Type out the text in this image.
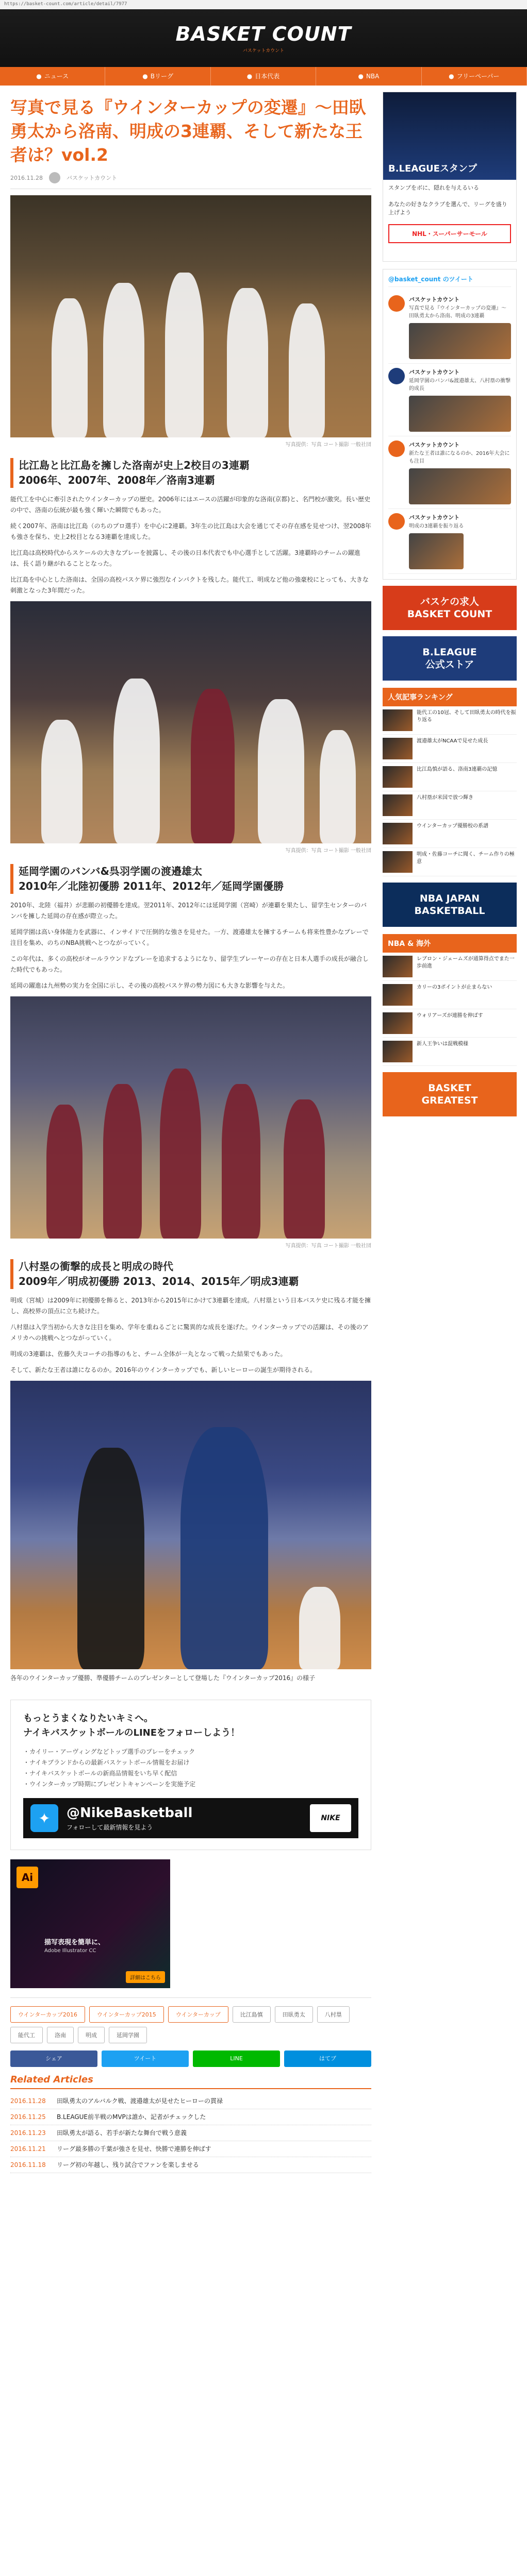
https://basket-count.com/article/detail/7977
BASKET COUNT
バスケットカウント
● ニュース	● Bリーグ	● 日本代表	● NBA	● フリーペーパー
写真で見る『ウインターカップの変遷』～田臥勇太から洛南、明成の3連覇、そして新たな王者は？vol.2
2016.11.28	バスケットカウント
写真提供：写真 コート撮影 一般社団
比江島と比江島を擁した洛南が史上2校目の3連覇
2006年、2007年、2008年／洛南3連覇

能代工を中心に牽引されたウインターカップの歴史。2006年にはエースの活躍が印象的な洛南(京都)と、名門校が激突。長い歴史の中で、洛南の伝統が最も強く輝いた瞬間でもあった。

続く2007年、洛南は比江島（のちのプロ選手）を中心に2連覇。3年生の比江島は大会を通じてその存在感を見せつけ、翌2008年も強さを保ち、史上2校目となる3連覇を達成した。

比江島は高校時代からスケールの大きなプレーを披露し、その後の日本代表でも中心選手として活躍。3連覇時のチームの躍進は、長く語り継がれることとなった。

比江島を中心とした洛南は、全国の高校バスケ界に強烈なインパクトを残した。能代工、明成など他の強豪校にとっても、大きな刺激となった3年間だった。

写真提供：写真 コート撮影 一般社団
延岡学園のバンバ&呉羽学園の渡邉雄太
2010年／北陸初優勝 2011年、2012年／延岡学園優勝

2010年、北陸（福井）が悲願の初優勝を達成。翌2011年、2012年には延岡学園（宮崎）が連覇を果たし、留学生センターのバンバを擁した延岡の存在感が際立った。

延岡学園は高い身体能力を武器に、インサイドで圧倒的な強さを見せた。一方、渡邉雄太を擁するチームも将来性豊かなプレーで注目を集め、のちのNBA挑戦へとつながっていく。

この年代は、多くの高校がオールラウンドなプレーを追求するようになり、留学生プレーヤーの存在と日本人選手の成長が融合した時代でもあった。

延岡の躍進は九州勢の実力を全国に示し、その後の高校バスケ界の勢力図にも大きな影響を与えた。

写真提供：写真 コート撮影 一般社団
八村塁の衝撃的成長と明成の時代
2009年／明成初優勝 2013、2014、2015年／明成3連覇

明成（宮城）は2009年に初優勝を飾ると、2013年から2015年にかけて3連覇を達成。八村塁という日本バスケ史に残る才能を擁し、高校界の頂点に立ち続けた。

八村塁は入学当初から大きな注目を集め、学年を重ねるごとに驚異的な成長を遂げた。ウインターカップでの活躍は、その後のアメリカへの挑戦へとつながっていく。

明成の3連覇は、佐藤久夫コーチの指導のもと、チーム全体が一丸となって戦った結果でもあった。

そして、新たな王者は誰になるのか。2016年のウインターカップでも、新しいヒーローの誕生が期待される。

各年のウインターカップ優勝、準優勝チームのプレゼンターとして登場した『ウインターカップ2016』の様子
もっとうまくなりたいキミへ。
ナイキバスケットボールのLINEをフォローしよう！
・カイリー・アーヴィングなどトップ選手のプレーをチェック
・ナイキブランドからの最新バスケットボール情報をお届け
・ナイキバスケットボールの新商品情報をいち早く配信
・ウインターカップ時期にプレゼントキャンペーンを実施予定
✦	@NikeBasketball
フォローして最新情報を見よう
NIKE
Ai
描写表現を簡単に、
Adobe Illustrator CC
詳細はこちら
ウインターカップ2016	ウインターカップ2015	ウインターカップ	比江島慎	田臥勇太	八村塁
能代工	洛南	明成	延岡学園
シェア	ツイート	LINE	はてブ
Related Articles
2016.11.28	田臥勇太のアルバルク戦、渡邉雄太が見せたヒーローの貫禄
2016.11.25	B.LEAGUE前半戦のMVPは誰か、記者がチェックした
2016.11.23	田臥勇太が語る、若手が新たな舞台で戦う意義
2016.11.21	リーグ最多勝の千葉が強さを見せ、快勝で連勝を伸ばす
2016.11.18	リーグ初の年越し、残り試合でファンを楽しませる
B.LEAGUEスタンプ
スタンプをボに、隠れを与えるいる
あなたの好きなクラブを選んで、リーグを盛り上げよう
NHL・スーパーサーモール
@basket_count のツイート
バスケットカウント
写真で見る『ウインターカップの変遷』～田臥勇太から洛南、明成の3連覇
バスケットカウント
延岡学園のバンバ&渡邉雄太、八村塁の衝撃的成長
バスケットカウント
新たな王者は誰になるのか、2016年大会にも注目
バスケットカウント
明成の3連覇を振り返る
バスケの求人
BASKET COUNT
B.LEAGUE
公式ストア
人気記事ランキング
能代工の10冠、そして田臥勇太の時代を振り返る
渡邉雄太がNCAAで見せた成長
比江島慎が語る、洛南3連覇の記憶
八村塁が米国で放つ輝き
ウインターカップ優勝校の系譜
明成・佐藤コーチに聞く、チーム作りの極意
NBA JAPAN
BASKETBALL
NBA & 海外
レブロン・ジェームズが通算得点でまた一歩前進
カリーの3ポイントが止まらない
ウォリアーズが連勝を伸ばす
新人王争いは混戦模様
BASKET
GREATEST
